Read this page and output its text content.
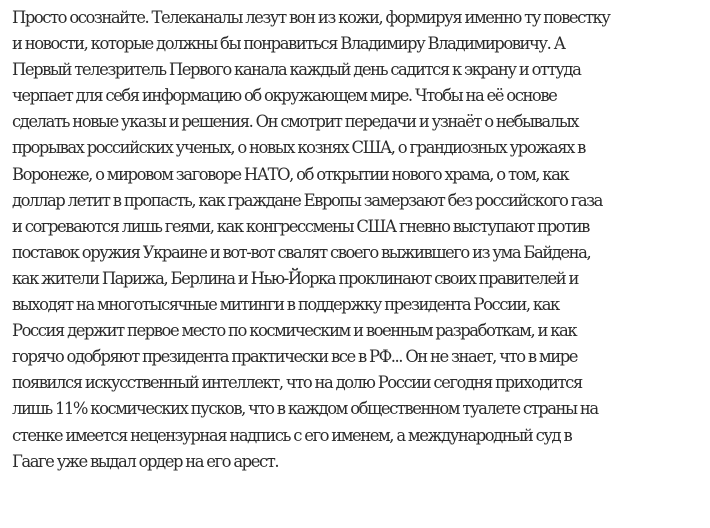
Просто осознайте. Телеканалы лезут вон из кожи, формируя именно ту повестку
и новости, которые должны бы понравиться Владимиру Владимировичу. А
Первый телезритель Первого канала каждый день садится к экрану и оттуда
черпает для себя информацию об окружающем мире. Чтобы на её основе
сделать новые указы и решения. Он смотрит передачи и узнаёт о небывалых
прорывах российских ученых, о новых кознях США, о грандиозных урожаях в
Воронеже, о мировом заговоре НАТО, об открытии нового храма, о том, как
доллар летит в пропасть, как граждане Европы замерзают без российского газа
и согреваются лишь геями, как конгрессмены США гневно выступают против
поставок оружия Украине и вот-вот свалят своего выжившего из ума Байдена,
как жители Парижа, Берлина и Нью-Йорка проклинают своих правителей и
выходят на многотысячные митинги в поддержку президента России, как
Россия держит первое место по космическим и военным разработкам, и как
горячо одобряют президента практически все в РФ... Он не знает, что в мире
появился искусственный интеллект, что на долю России сегодня приходится
лишь 11% космических пусков, что в каждом общественном туалете страны на
стенке имеется нецензурная надпись с его именем, а международный суд в
Гааге уже выдал ордер на его арест.
